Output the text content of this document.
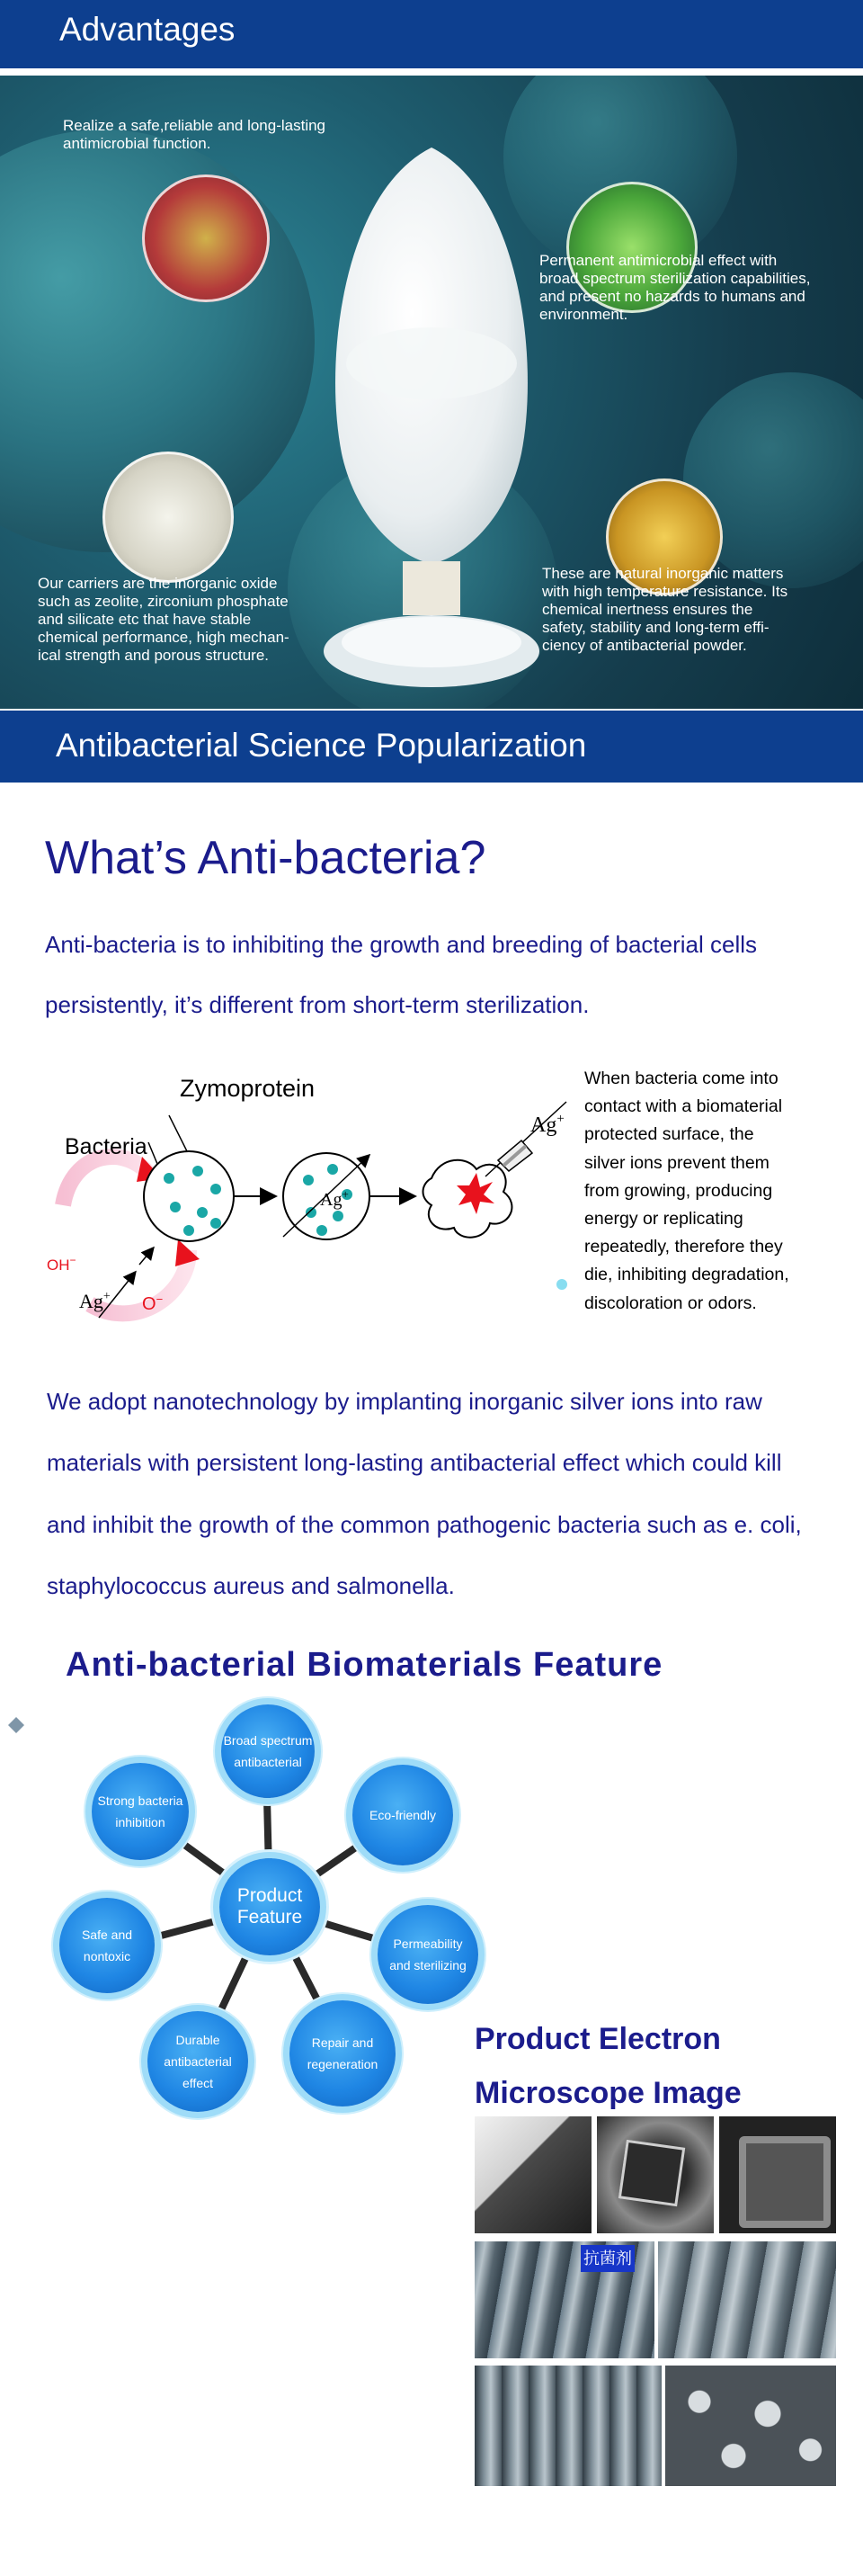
Advantages
Realize a safe,reliable and long-lasting
antimicrobial function.
Permanent antimicrobial effect with
broad spectrum sterilization capabilities,
and present no hazards to humans and
environment.
Our carriers are the inorganic oxide
such as zeolite, zirconium phosphate
and silicate etc that have stable
chemical performance, high mechan-
ical strength and porous structure.
These are natural inorganic matters
with high temperature resistance. Its
chemical inertness ensures the
safety, stability and long-term effi-
ciency of antibacterial powder.
Antibacterial Science Popularization
What’s Anti-bacteria?
Anti-bacteria is to inhibiting the growth and breeding of bacterial cells
persistently, it’s different from short-term sterilization.
Bacteria
Zymoprotein
OH−
Ag+ O−
Ag+
Ag+
When bacteria come into
contact with a biomaterial
protected surface, the
silver ions prevent them
from growing, producing
energy or replicating
repeatedly, therefore they
die, inhibiting degradation,
discoloration or odors.
We adopt nanotechnology by implanting inorganic silver ions into raw
materials with persistent long-lasting antibacterial effect which could kill
and inhibit the growth of the common pathogenic bacteria such as e. coli,
staphylococcus aureus and salmonella.
Anti-bacterial Biomaterials Feature
Product
Feature
Broad spectrum
antibacterial
Eco-friendly
Permeability
and sterilizing
Repair and
regeneration
Durable
antibacterial
effect
Safe and
nontoxic
Strong bacteria
inhibition
Product Electron
Microscope Image
抗菌剂
